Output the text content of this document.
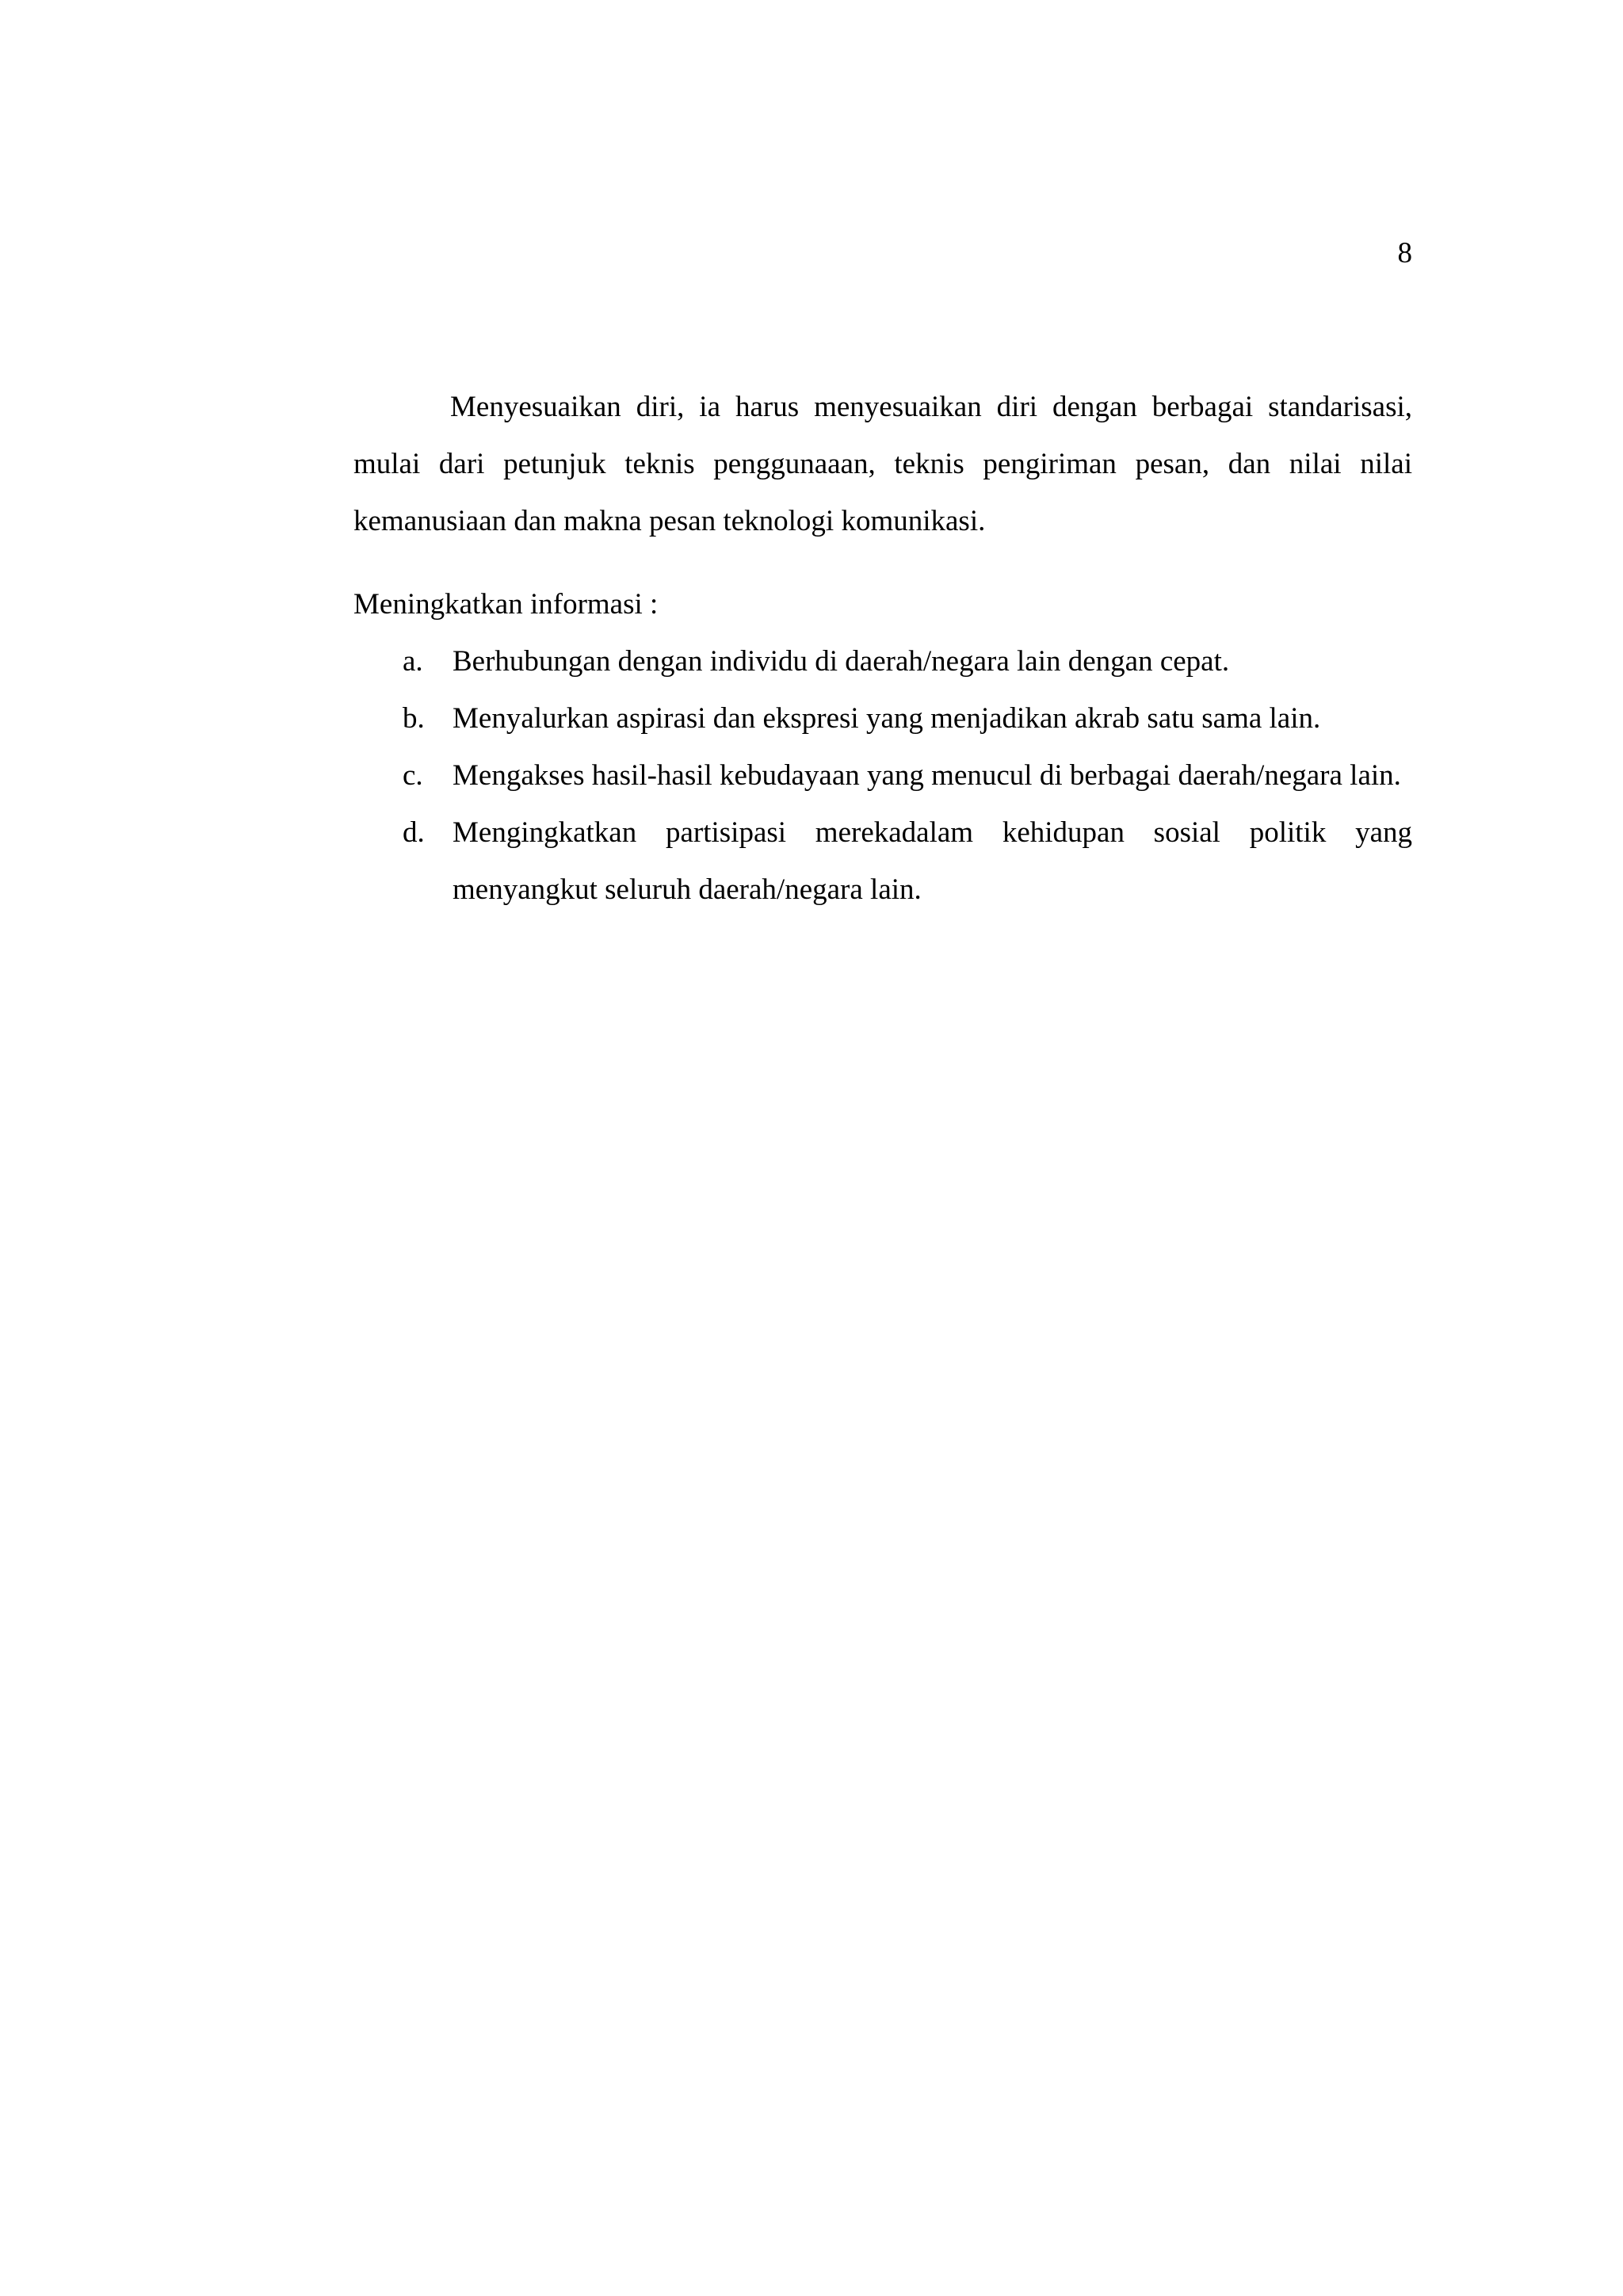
8

Menyesuaikan diri, ia harus menyesuaikan diri dengan berbagai standarisasi, mulai dari petunjuk teknis penggunaaan, teknis pengiriman pesan, dan nilai nilai kemanusiaan dan makna pesan teknologi komunikasi.

Meningkatkan informasi :

a. Berhubungan dengan individu di daerah/negara lain dengan cepat.
b. Menyalurkan aspirasi dan ekspresi yang menjadikan akrab satu sama lain.
c. Mengakses hasil-hasil kebudayaan yang menucul di berbagai daerah/negara lain.
d. Mengingkatkan partisipasi merekadalam kehidupan sosial politik yang menyangkut seluruh daerah/negara lain.
